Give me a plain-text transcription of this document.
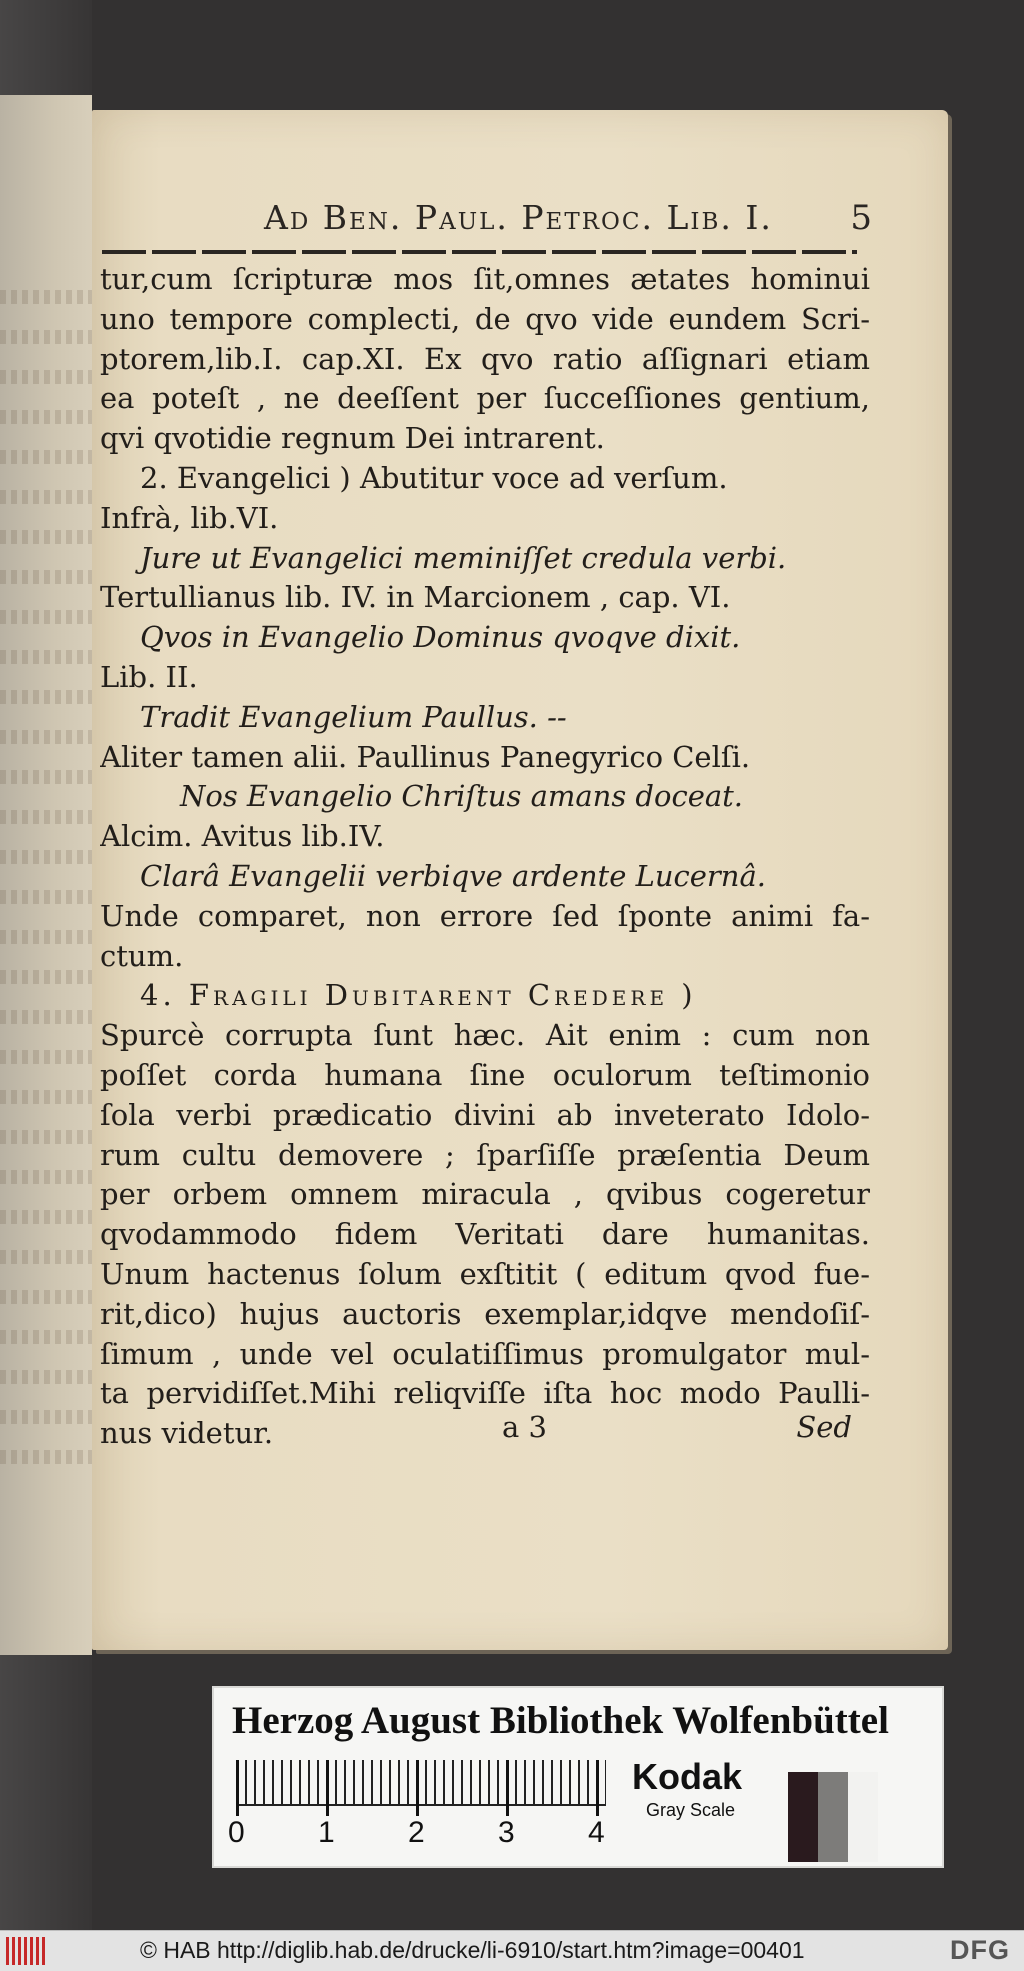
Ad Ben. Paul. Petroc. Lib. I. 5
tur,cum ſcripturæ mos ſit,omnes ætates hominui
uno tempore complecti, de qvo vide eundem Scri-
ptorem,lib.I. cap.XI. Ex qvo ratio aſſignari etiam
ea poteſt , ne deeſſent per ſucceſſiones gentium,
qvi qvotidie regnum Dei intrarent.
2. Evangelici ) Abutitur voce ad verſum.
Infrà, lib.VI.
Jure ut Evangelici meminiſſet credula verbi.
Tertullianus lib. IV. in Marcionem , cap. VI.
Qvos in Evangelio Dominus qvoqve dixit.
Lib. II.
Tradit Evangelium Paullus. --
Aliter tamen alii. Paullinus Panegyrico Celſi.
Nos Evangelio Chriſtus amans doceat.
Alcim. Avitus lib.IV.
Clarâ Evangelii verbiqve ardente Lucernâ.
Unde comparet, non errore ſed ſponte animi fa-
ctum.
4. Fragili Dubitarent Credere )
Spurcè corrupta ſunt hæc. Ait enim : cum non
poſſet corda humana ſine oculorum teſtimonio
ſola verbi prædicatio divini ab inveterato Idolo-
rum cultu demovere ; ſparſiſſe præſentia Deum
per orbem omnem miracula , qvibus cogeretur
qvodammodo fidem Veritati dare humanitas.
Unum hactenus ſolum exſtitit ( editum qvod fue-
rit,dico) hujus auctoris exemplar,idqve mendoſiſ-
ſimum , unde vel oculatiſſimus promulgator mul-
ta pervidiſſet.Mihi reliqviſſe iſta hoc modo Paulli-
nus videtur.	a 3	Sed
Herzog August Bibliothek Wolfenbüttel
0 1 2 3 4
Kodak
Gray Scale
© HAB http://diglib.hab.de/drucke/li-6910/start.htm?image=00401	DFG
